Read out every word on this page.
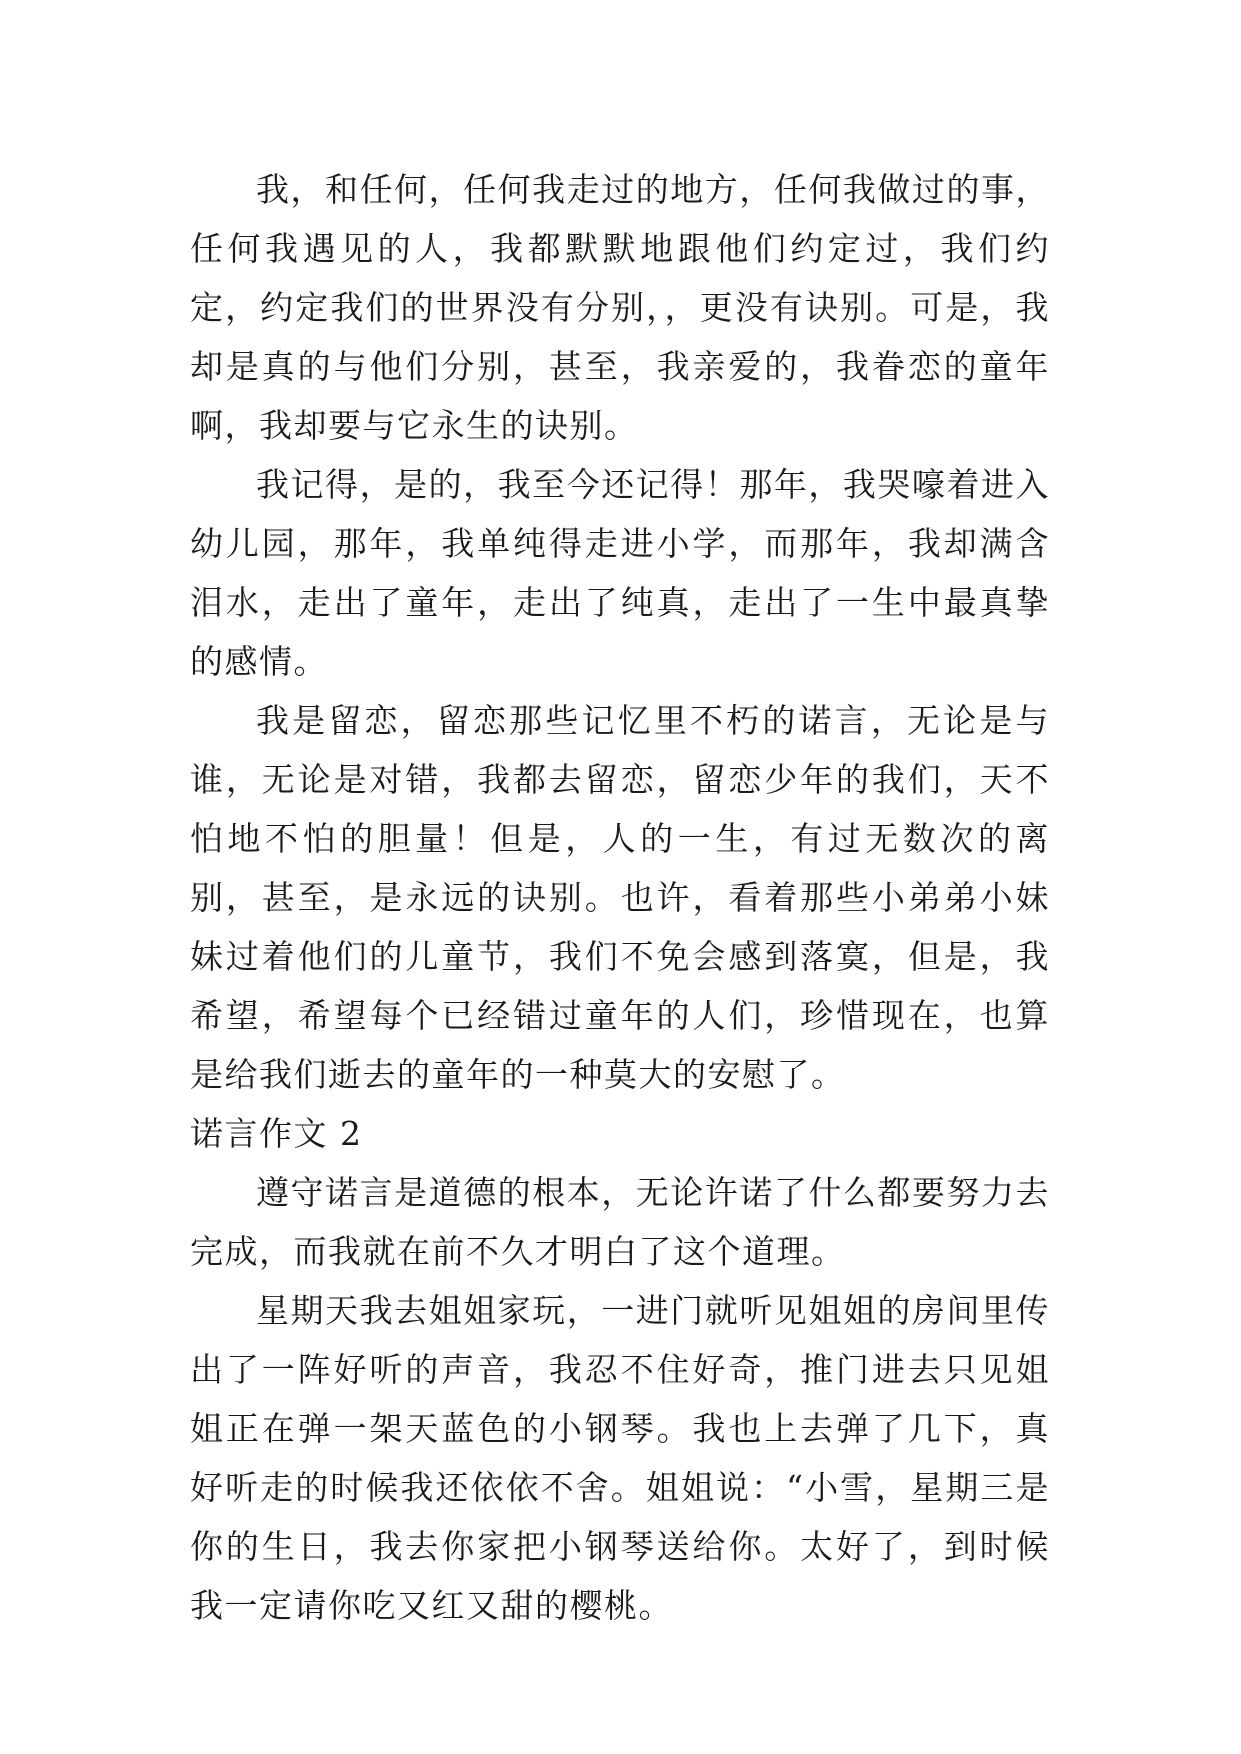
我，和任何，任何我走过的地方，任何我做过的事，任何我遇见的人，我都默默地跟他们约定过，我们约定，约定我们的世界没有分别，，更没有诀别。可是，我却是真的与他们分别，甚至，我亲爱的，我眷恋的童年啊，我却要与它永生的诀别。

我记得，是的，我至今还记得！那年，我哭嚎着进入幼儿园，那年，我单纯得走进小学，而那年，我却满含泪水，走出了童年，走出了纯真，走出了一生中最真挚的感情。

我是留恋，留恋那些记忆里不朽的诺言，无论是与谁，无论是对错，我都去留恋，留恋少年的我们，天不怕地不怕的胆量！但是，人的一生，有过无数次的离别，甚至，是永远的诀别。也许，看着那些小弟弟小妹妹过着他们的儿童节，我们不免会感到落寞，但是，我希望，希望每个已经错过童年的人们，珍惜现在，也算是给我们逝去的童年的一种莫大的安慰了。

诺言作文 2

遵守诺言是道德的根本，无论许诺了什么都要努力去完成，而我就在前不久才明白了这个道理。

星期天我去姐姐家玩，一进门就听见姐姐的房间里传出了一阵好听的声音，我忍不住好奇，推门进去只见姐姐正在弹一架天蓝色的小钢琴。我也上去弹了几下，真好听走的时候我还依依不舍。姐姐说：“小雪，星期三是你的生日，我去你家把小钢琴送给你。太好了，到时候我一定请你吃又红又甜的樱桃。
